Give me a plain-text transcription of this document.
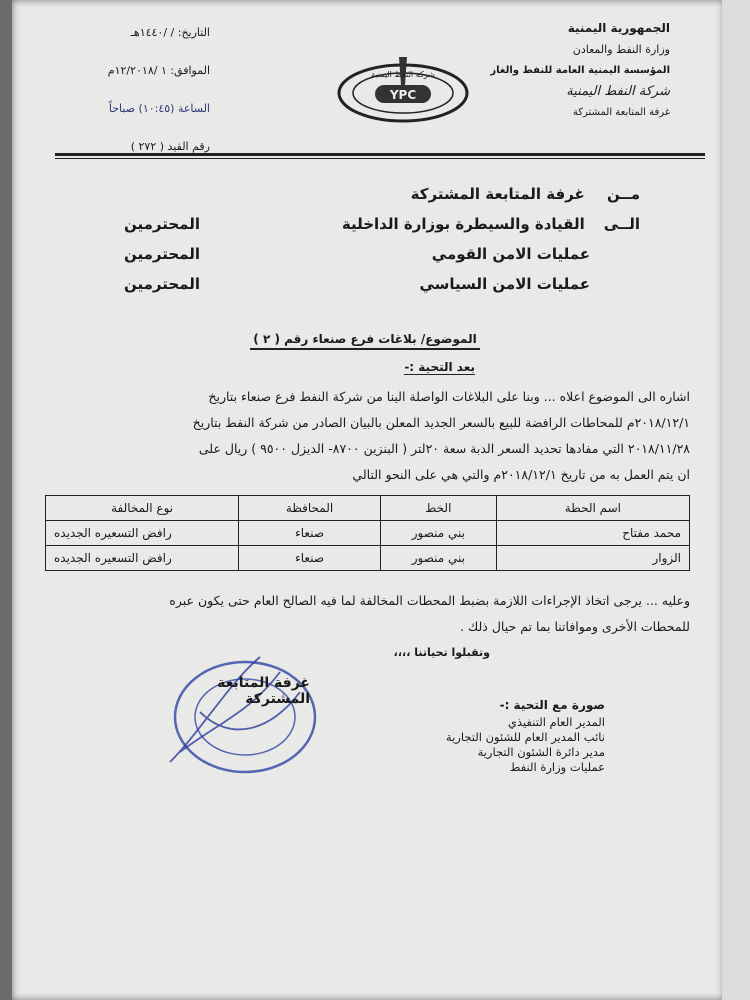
الجمهورية اليمنية
وزارة النفط والمعادن
المؤسسة اليمنية العامة للنفط والغاز
شركة النفط اليمنية
غرفة المتابعة المشتركة
التاريخ: / /١٤٤٠هـ
الموافق: ١ /١٢/٢٠١٨م
الساعة (١٠:٤٥) صباحاً
رقم القيد ( ٢٧٢ )
YPC
شركة النفط اليمنية
مــن غرفة المتابعة المشتركة
الــى القيادة والسيطرة بوزارة الداخلية
المحترمين
عمليات الامن القومي
المحترمين
عمليات الامن السياسي
المحترمين
الموضوع/ بلاغات فرع صنعاء رقم ( ٢ )
بعد التحية :-
اشاره الى الموضوع اعلاه ... وبنا على البلاغات الواصلة الينا من شركة النفط فرع صنعاء بتاريخ
٢٠١٨/١٢/١م للمحاطات الرافضة للبيع بالسعر الجديد المعلن بالبيان الصادر من شركة النفط بتاريخ
٢٠١٨/١١/٢٨ التي مفادها تحديد السعر الدبة سعة ٢٠لتر ( البنزين ٨٧٠٠- الديزل ٩٥٠٠ ) ريال على
ان يتم العمل به من تاريخ ٢٠١٨/١٢/١م والتي هي على النحو التالي
اسم الحطة	الخط	المحافظة	نوع المخالفة
محمد مفتاح	بني منصور	صنعاء	رافض التسعيره الجديده
الزوار	بني منصور	صنعاء	رافض التسعيره الجديده
وعليه ... يرجى اتخاذ الإجراءات اللازمة بضبط المحطات المخالفة لما فيه الصالح العام حتى يكون عبره
للمحطات الأخرى وموافاتنا بما تم حيال ذلك .
وتقبلوا تحياتنا ،،،،
غرفة المتابعة المشتركة	صورة مع التحية :-
المدير العام التنفيذي
نائب المدير العام للشئون التجارية
مدير دائرة الشئون التجارية
عمليات وزارة النفط
